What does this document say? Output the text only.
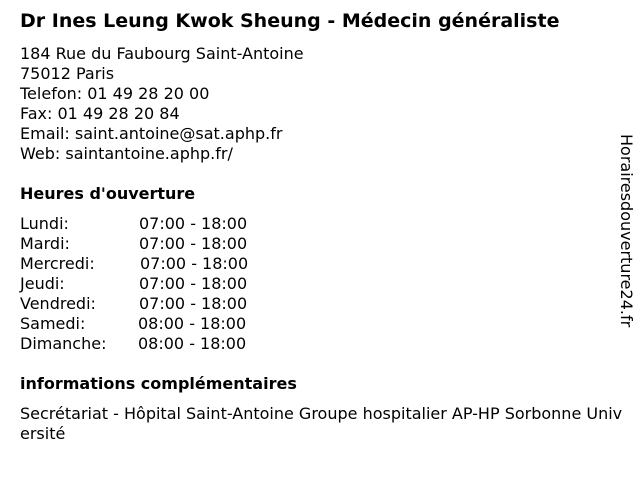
Dr Ines Leung Kwok Sheung - Médecin généraliste
184 Rue du Faubourg Saint-Antoine
75012 Paris
Telefon: 01 49 28 20 00
Fax: 01 49 28 20 84
Email: saint.antoine@sat.aphp.fr
Web: saintantoine.aphp.fr/
Heures d'ouverture
Lundi:	07:00 - 18:00
Mardi:	07:00 - 18:00
Mercredi:	07:00 - 18:00
Jeudi:	07:00 - 18:00
Vendredi:	07:00 - 18:00
Samedi:	08:00 - 18:00
Dimanche: 08:00 - 18:00
informations complémentaires
Secrétariat - Hôpital Saint-Antoine Groupe hospitalier AP-HP Sorbonne Université
Horairesdouverture24.fr
